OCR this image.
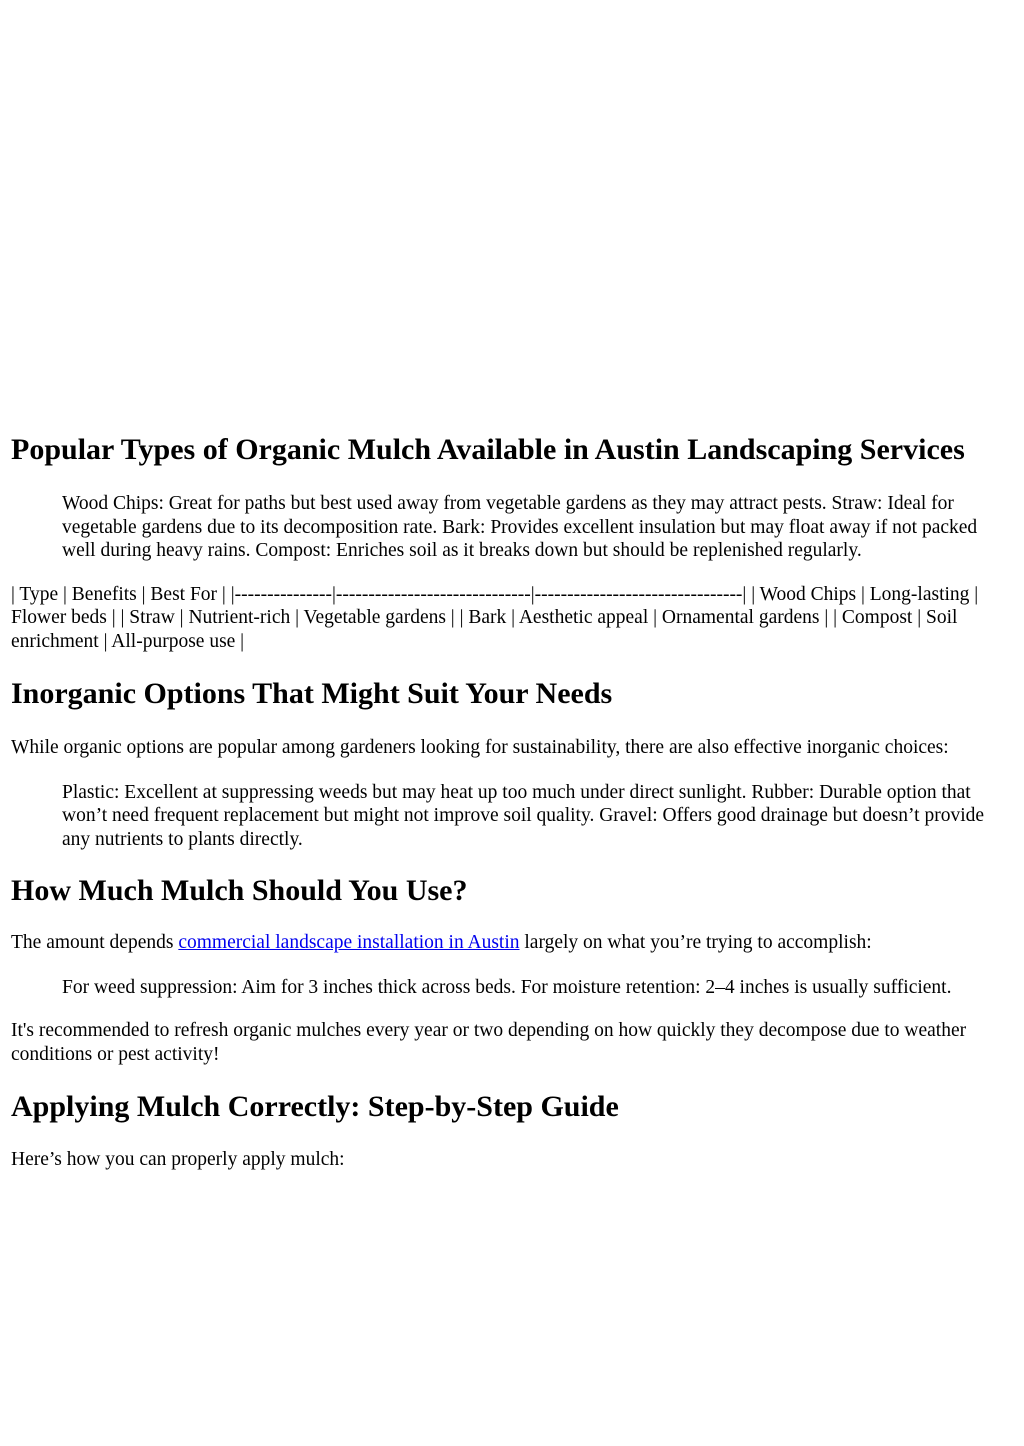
Popular Types of Organic Mulch Available in Austin Landscaping Services

Wood Chips: Great for paths but best used away from vegetable gardens as they may attract pests. Straw: Ideal for vegetable gardens due to its decomposition rate. Bark: Provides excellent insulation but may float away if not packed well during heavy rains. Compost: Enriches soil as it breaks down but should be replenished regularly.

| Type | Benefits | Best For | |---------------|------------------------------|--------------------------------| | Wood Chips | Long-lasting | Flower beds | | Straw | Nutrient-rich | Vegetable gardens | | Bark | Aesthetic appeal | Ornamental gardens | | Compost | Soil enrichment | All-purpose use |

Inorganic Options That Might Suit Your Needs

While organic options are popular among gardeners looking for sustainability, there are also effective inorganic choices:

Plastic: Excellent at suppressing weeds but may heat up too much under direct sunlight. Rubber: Durable option that won’t need frequent replacement but might not improve soil quality. Gravel: Offers good drainage but doesn’t provide any nutrients to plants directly.

How Much Mulch Should You Use?

The amount depends commercial landscape installation in Austin largely on what you’re trying to accomplish:

For weed suppression: Aim for 3 inches thick across beds. For moisture retention: 2–4 inches is usually sufficient.

It's recommended to refresh organic mulches every year or two depending on how quickly they decompose due to weather conditions or pest activity!

Applying Mulch Correctly: Step-by-Step Guide

Here’s how you can properly apply mulch:
